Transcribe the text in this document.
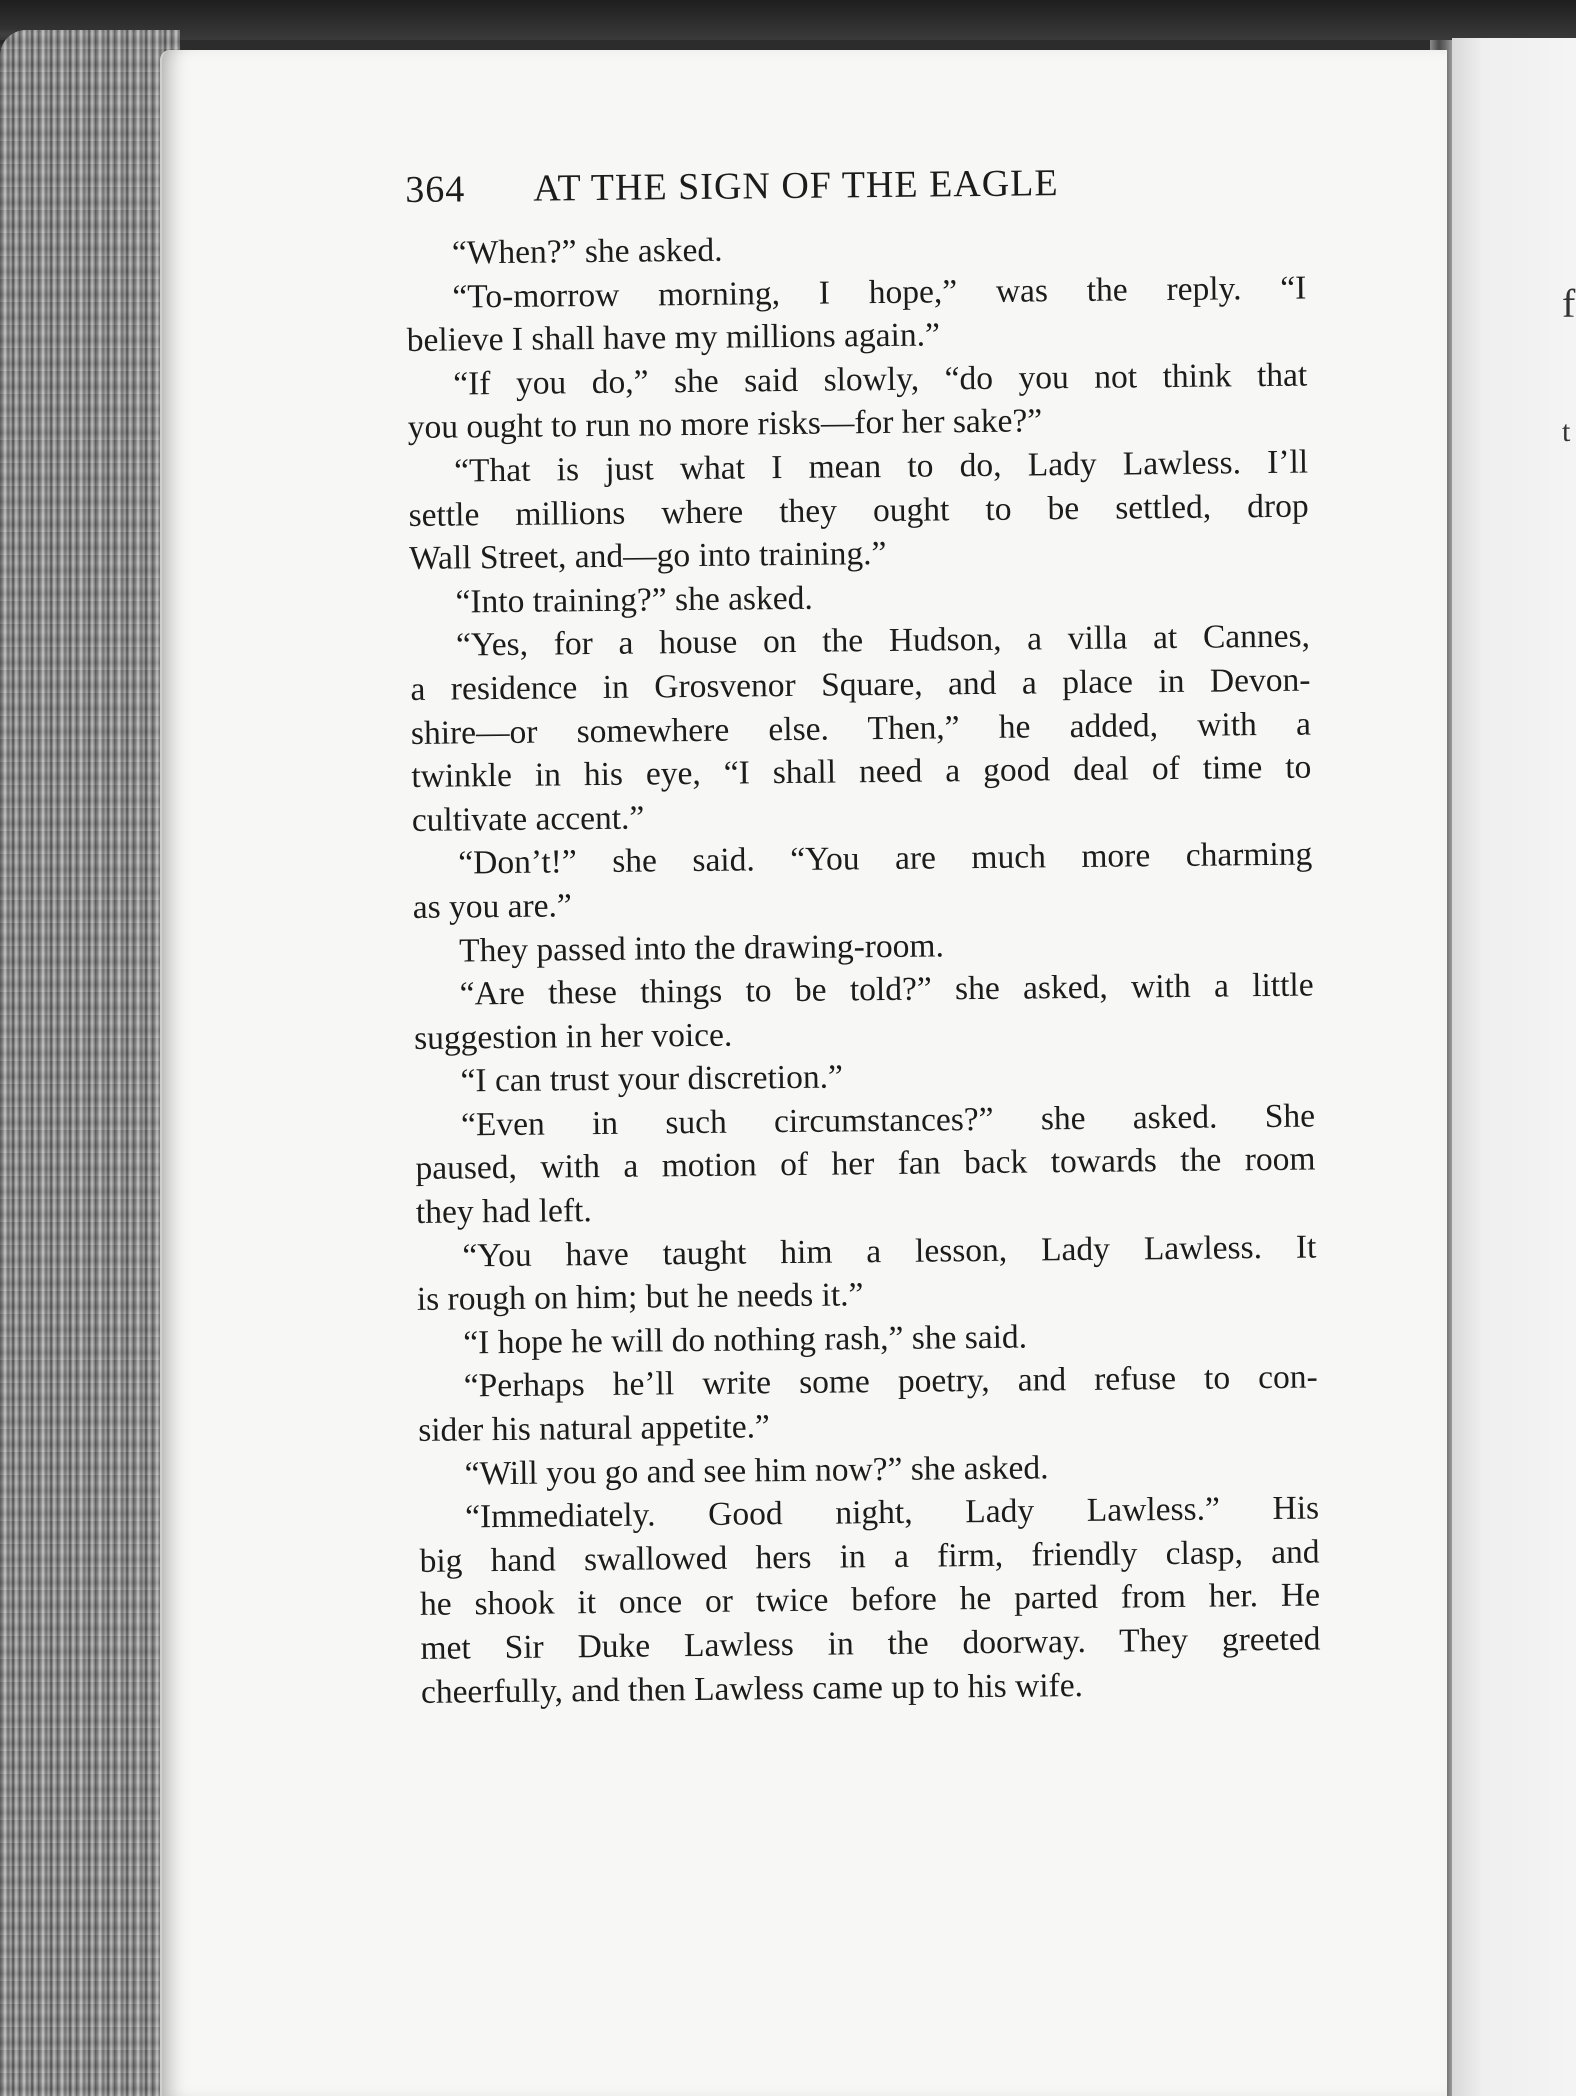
f
t
364 AT THE SIGN OF THE EAGLE
“When?” she asked.
“To-morrow morning, I hope,” was the reply. “I
believe I shall have my millions again.”
“If you do,” she said slowly, “do you not think that
you ought to run no more risks—for her sake?”
“That is just what I mean to do, Lady Lawless. I’ll
settle millions where they ought to be settled, drop
Wall Street, and—go into training.”
“Into training?” she asked.
“Yes, for a house on the Hudson, a villa at Cannes,
a residence in Grosvenor Square, and a place in Devon-
shire—or somewhere else. Then,” he added, with a
twinkle in his eye, “I shall need a good deal of time to
cultivate accent.”
“Don’t!” she said. “You are much more charming
as you are.”
They passed into the drawing-room.
“Are these things to be told?” she asked, with a little
suggestion in her voice.
“I can trust your discretion.”
“Even in such circumstances?” she asked. She
paused, with a motion of her fan back towards the room
they had left.
“You have taught him a lesson, Lady Lawless. It
is rough on him; but he needs it.”
“I hope he will do nothing rash,” she said.
“Perhaps he’ll write some poetry, and refuse to con-
sider his natural appetite.”
“Will you go and see him now?” she asked.
“Immediately. Good night, Lady Lawless.” His
big hand swallowed hers in a firm, friendly clasp, and
he shook it once or twice before he parted from her. He
met Sir Duke Lawless in the doorway. They greeted
cheerfully, and then Lawless came up to his wife.
